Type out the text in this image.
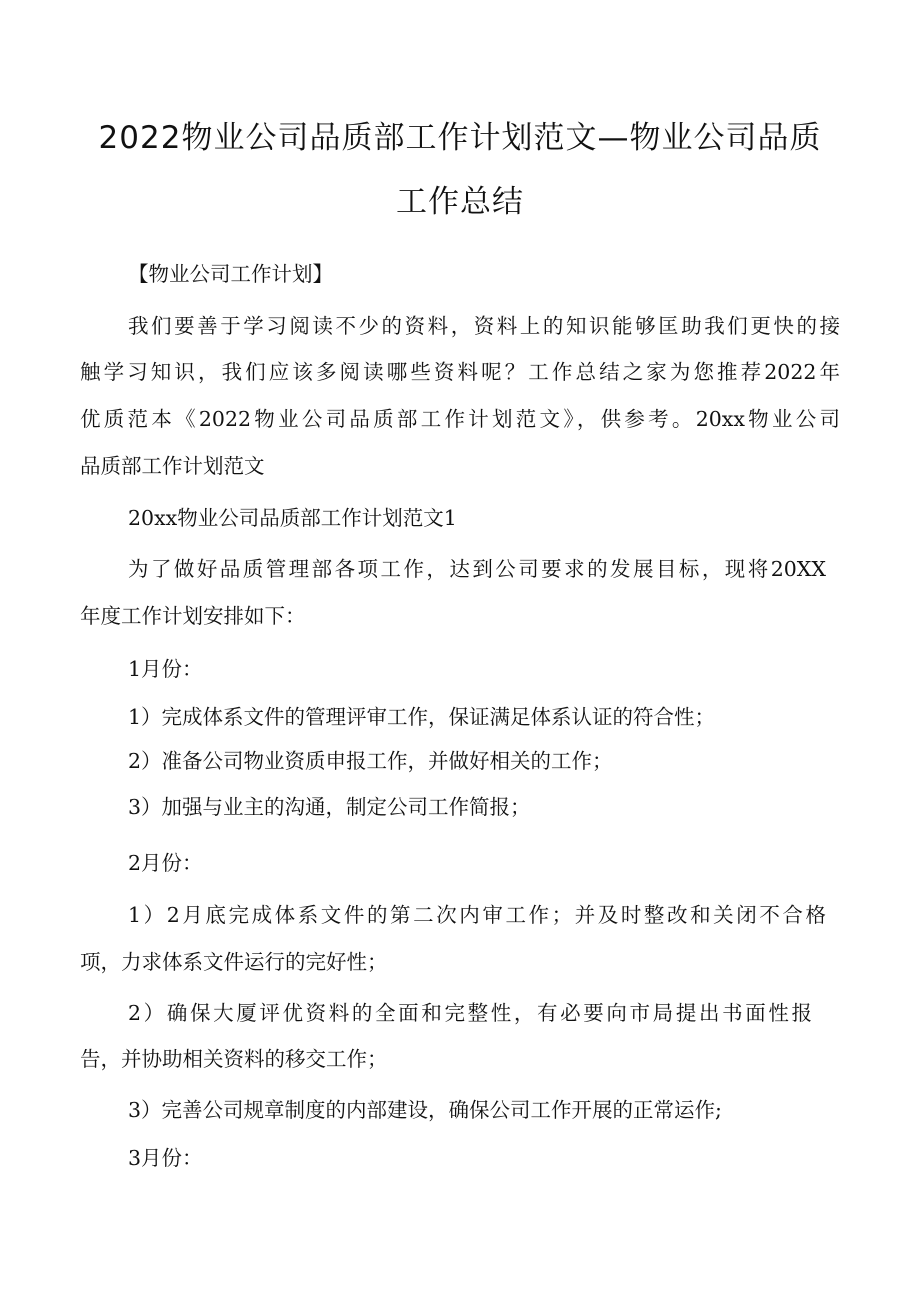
2022物业公司品质部工作计划范文—物业公司品质
工作总结
【物业公司工作计划】
我们要善于学习阅读不少的资料，资料上的知识能够匡助我们更快的接
触学习知识，我们应该多阅读哪些资料呢？工作总结之家为您推荐2022年
优质范本《2022物业公司品质部工作计划范文》，供参考。20xx物业公司
品质部工作计划范文
20xx物业公司品质部工作计划范文1
为了做好品质管理部各项工作，达到公司要求的发展目标，现将20XX
年度工作计划安排如下：
1月份：
1）完成体系文件的管理评审工作，保证满足体系认证的符合性；
2）准备公司物业资质申报工作，并做好相关的工作；
3）加强与业主的沟通，制定公司工作简报；
2月份：
1）2月底完成体系文件的第二次内审工作；并及时整改和关闭不合格
项，力求体系文件运行的完好性；
2）确保大厦评优资料的全面和完整性，有必要向市局提出书面性报
告，并协助相关资料的移交工作；
3）完善公司规章制度的内部建设，确保公司工作开展的正常运作;
3月份：
